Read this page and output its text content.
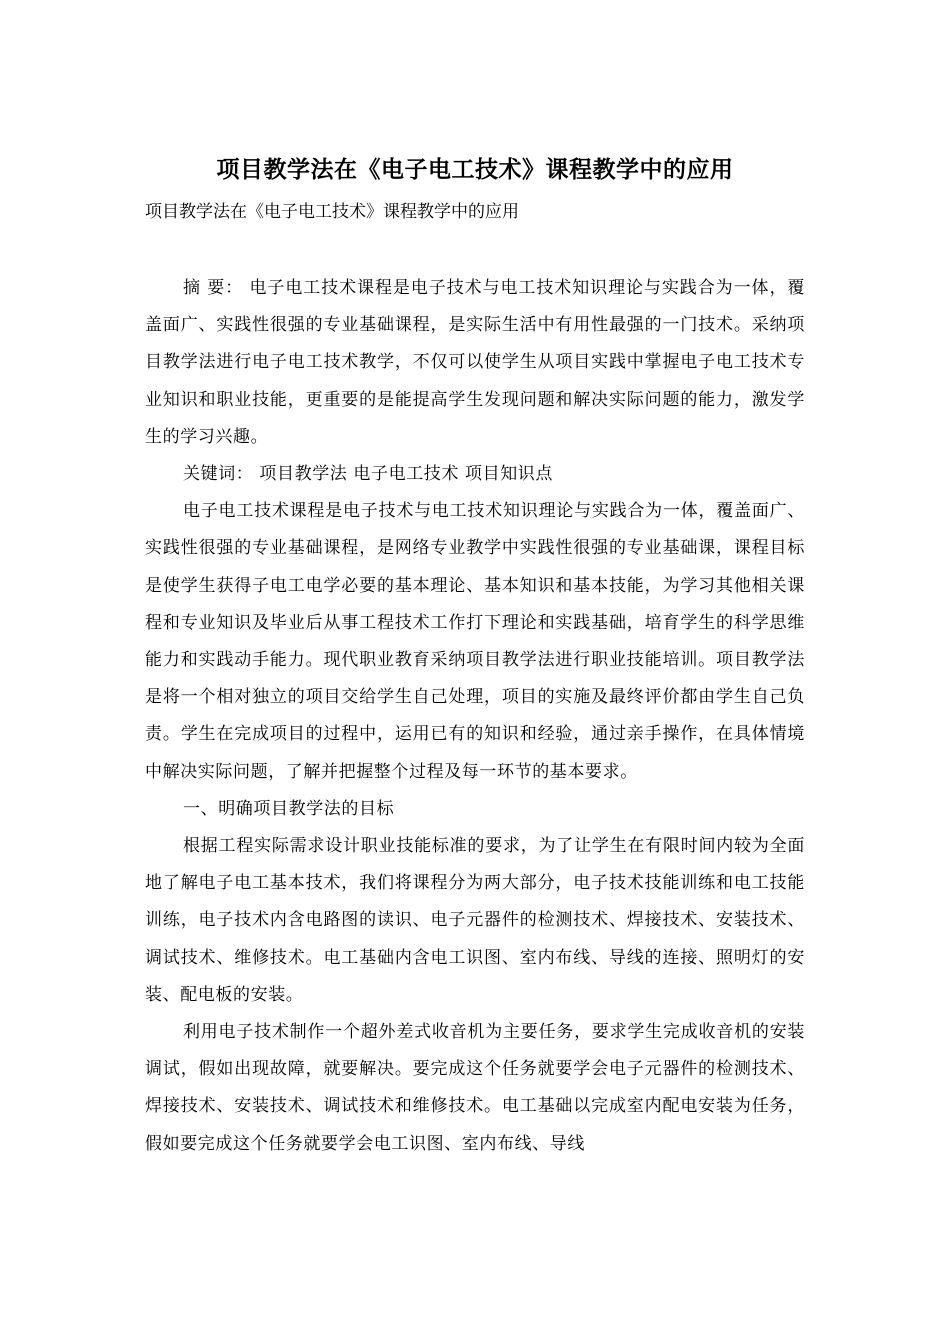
项目教学法在《电子电工技术》课程教学中的应用
项目教学法在《电子电工技术》课程教学中的应用

摘 要： 电子电工技术课程是电子技术与电工技术知识理论与实践合为一体，覆盖面广、实践性很强的专业基础课程，是实际生活中有用性最强的一门技术。采纳项目教学法进行电子电工技术教学，不仅可以使学生从项目实践中掌握电子电工技术专业知识和职业技能，更重要的是能提高学生发现问题和解决实际问题的能力，激发学生的学习兴趣。

关键词： 项目教学法 电子电工技术 项目知识点

电子电工技术课程是电子技术与电工技术知识理论与实践合为一体，覆盖面广、实践性很强的专业基础课程，是网络专业教学中实践性很强的专业基础课，课程目标是使学生获得子电工电学必要的基本理论、基本知识和基本技能，为学习其他相关课程和专业知识及毕业后从事工程技术工作打下理论和实践基础，培育学生的科学思维能力和实践动手能力。现代职业教育采纳项目教学法进行职业技能培训。项目教学法是将一个相对独立的项目交给学生自己处理，项目的实施及最终评价都由学生自己负责。学生在完成项目的过程中，运用已有的知识和经验，通过亲手操作，在具体情境中解决实际问题，了解并把握整个过程及每一环节的基本要求。

一、明确项目教学法的目标

根据工程实际需求设计职业技能标准的要求，为了让学生在有限时间内较为全面地了解电子电工基本技术，我们将课程分为两大部分，电子技术技能训练和电工技能训练，电子技术内含电路图的读识、电子元器件的检测技术、焊接技术、安装技术、调试技术、维修技术。电工基础内含电工识图、室内布线、导线的连接、照明灯的安装、配电板的安装。

利用电子技术制作一个超外差式收音机为主要任务，要求学生完成收音机的安装调试，假如出现故障，就要解决。要完成这个任务就要学会电子元器件的检测技术、焊接技术、安装技术、调试技术和维修技术。电工基础以完成室内配电安装为任务，假如要完成这个任务就要学会电工识图、室内布线、导线
